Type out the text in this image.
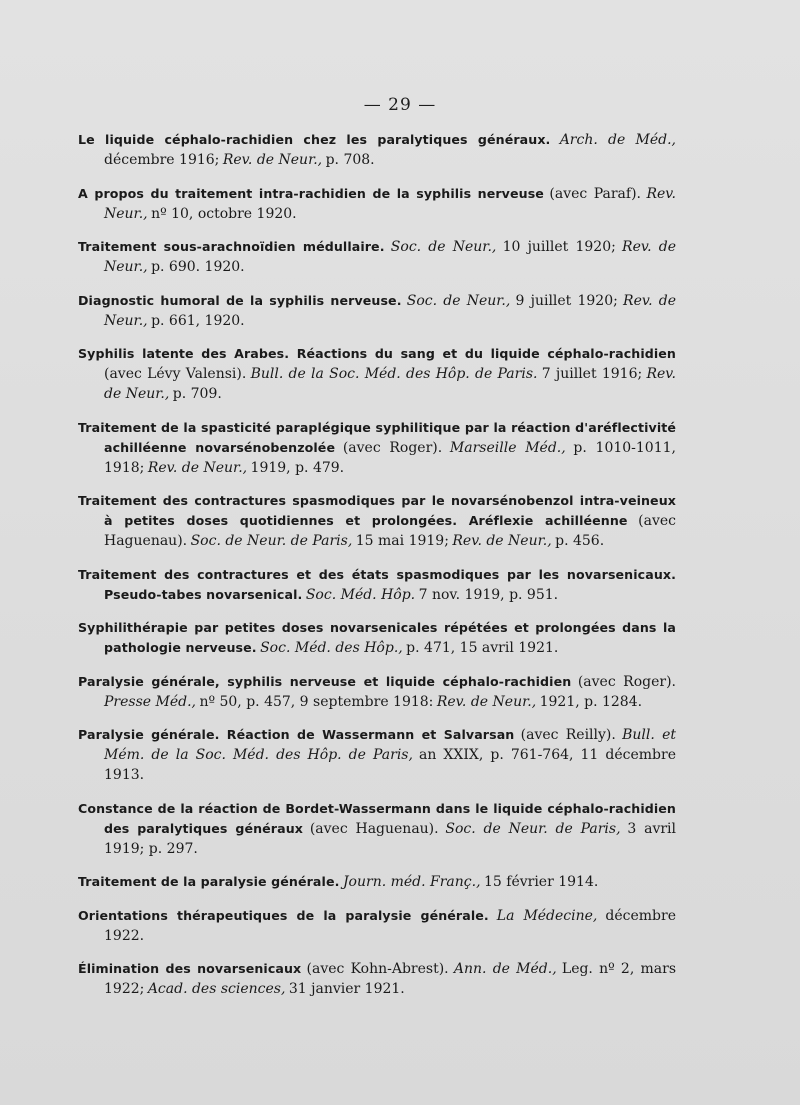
— 29 —
Le liquide céphalo-rachidien chez les paralytiques généraux. Arch. de Méd., décembre 1916; Rev. de Neur., p. 708.
A propos du traitement intra-rachidien de la syphilis nerveuse (avec Paraf). Rev. Neur., nº 10, octobre 1920.
Traitement sous-arachnoïdien médullaire. Soc. de Neur., 10 juillet 1920; Rev. de Neur., p. 690. 1920.
Diagnostic humoral de la syphilis nerveuse. Soc. de Neur., 9 juillet 1920; Rev. de Neur., p. 661, 1920.
Syphilis latente des Arabes. Réactions du sang et du liquide céphalo-rachidien (avec Lévy Valensi). Bull. de la Soc. Méd. des Hôp. de Paris. 7 juillet 1916; Rev. de Neur., p. 709.
Traitement de la spasticité paraplégique syphilitique par la réaction d'aréflectivité achilléenne novarsénobenzolée (avec Roger). Marseille Méd., p. 1010-1011, 1918; Rev. de Neur., 1919, p. 479.
Traitement des contractures spasmodiques par le novarsénobenzol intra-veineux à petites doses quotidiennes et prolongées. Aréflexie achilléenne (avec Haguenau). Soc. de Neur. de Paris, 15 mai 1919; Rev. de Neur., p. 456.
Traitement des contractures et des états spasmodiques par les novarsenicaux. Pseudo-tabes novarsenical. Soc. Méd. Hôp. 7 nov. 1919, p. 951.
Syphilithérapie par petites doses novarsenicales répétées et prolongées dans la pathologie nerveuse. Soc. Méd. des Hôp., p. 471, 15 avril 1921.
Paralysie générale, syphilis nerveuse et liquide céphalo-rachidien (avec Roger). Presse Méd., nº 50, p. 457, 9 septembre 1918: Rev. de Neur., 1921, p. 1284.
Paralysie générale. Réaction de Wassermann et Salvarsan (avec Reilly). Bull. et Mém. de la Soc. Méd. des Hôp. de Paris, an XXIX, p. 761-764, 11 décembre 1913.
Constance de la réaction de Bordet-Wassermann dans le liquide céphalo-rachidien des paralytiques généraux (avec Haguenau). Soc. de Neur. de Paris, 3 avril 1919; p. 297.
Traitement de la paralysie générale. Journ. méd. Franç., 15 février 1914.
Orientations thérapeutiques de la paralysie générale. La Médecine, décembre 1922.
Élimination des novarsenicaux (avec Kohn-Abrest). Ann. de Méd., Leg. nº 2, mars 1922; Acad. des sciences, 31 janvier 1921.
